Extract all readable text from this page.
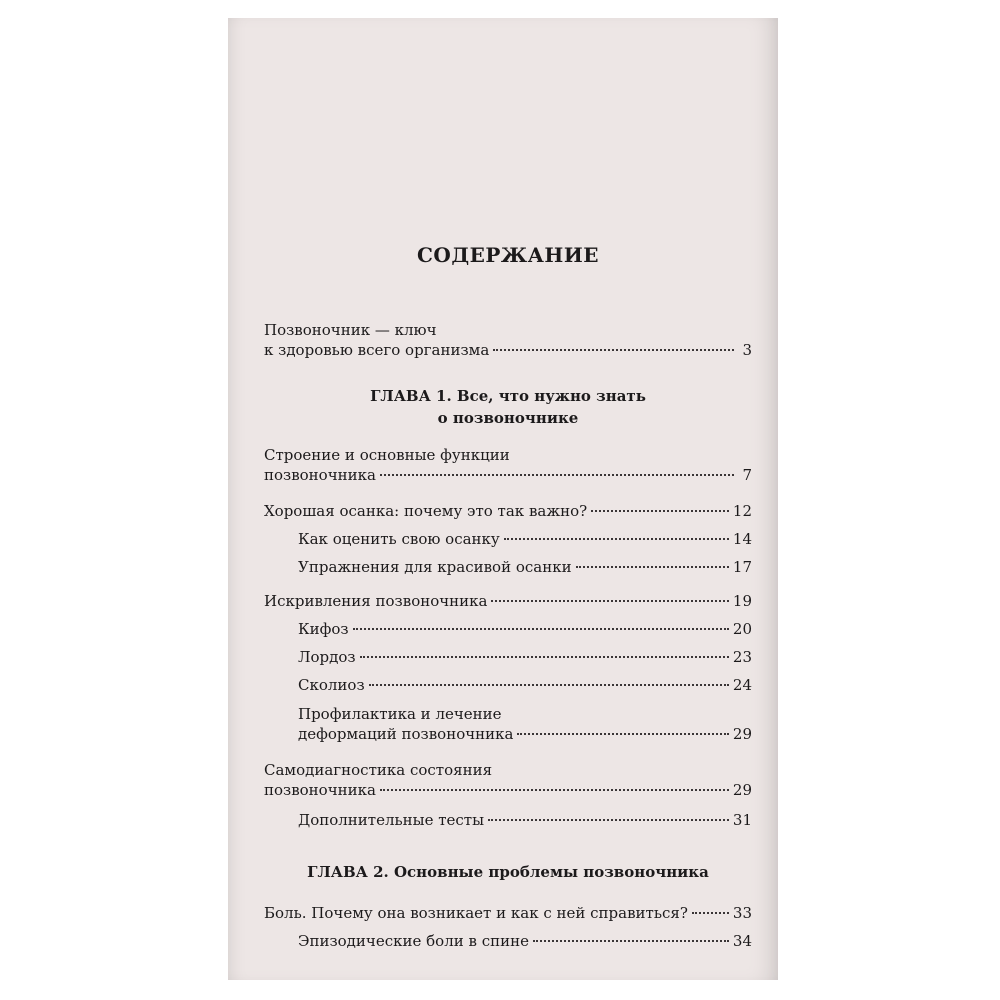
СОДЕРЖАНИЕ
Позвоночник — ключ
к здоровью всего организма	3
ГЛАВА 1. Все, что нужно знать
о позвоночнике
Строение и основные функции
позвоночника	7
Хорошая осанка: почему это так важно?	12
Как оценить свою осанку	14
Упражнения для красивой осанки	17
Искривления позвоночника	19
Кифоз	20
Лордоз	23
Сколиоз	24
Профилактика и лечение
деформаций позвоночника	29
Самодиагностика состояния
позвоночника	29
Дополнительные тесты	31
ГЛАВА 2. Основные проблемы позвоночника
Боль. Почему она возникает и как с ней справиться?	33
Эпизодические боли в спине	34
